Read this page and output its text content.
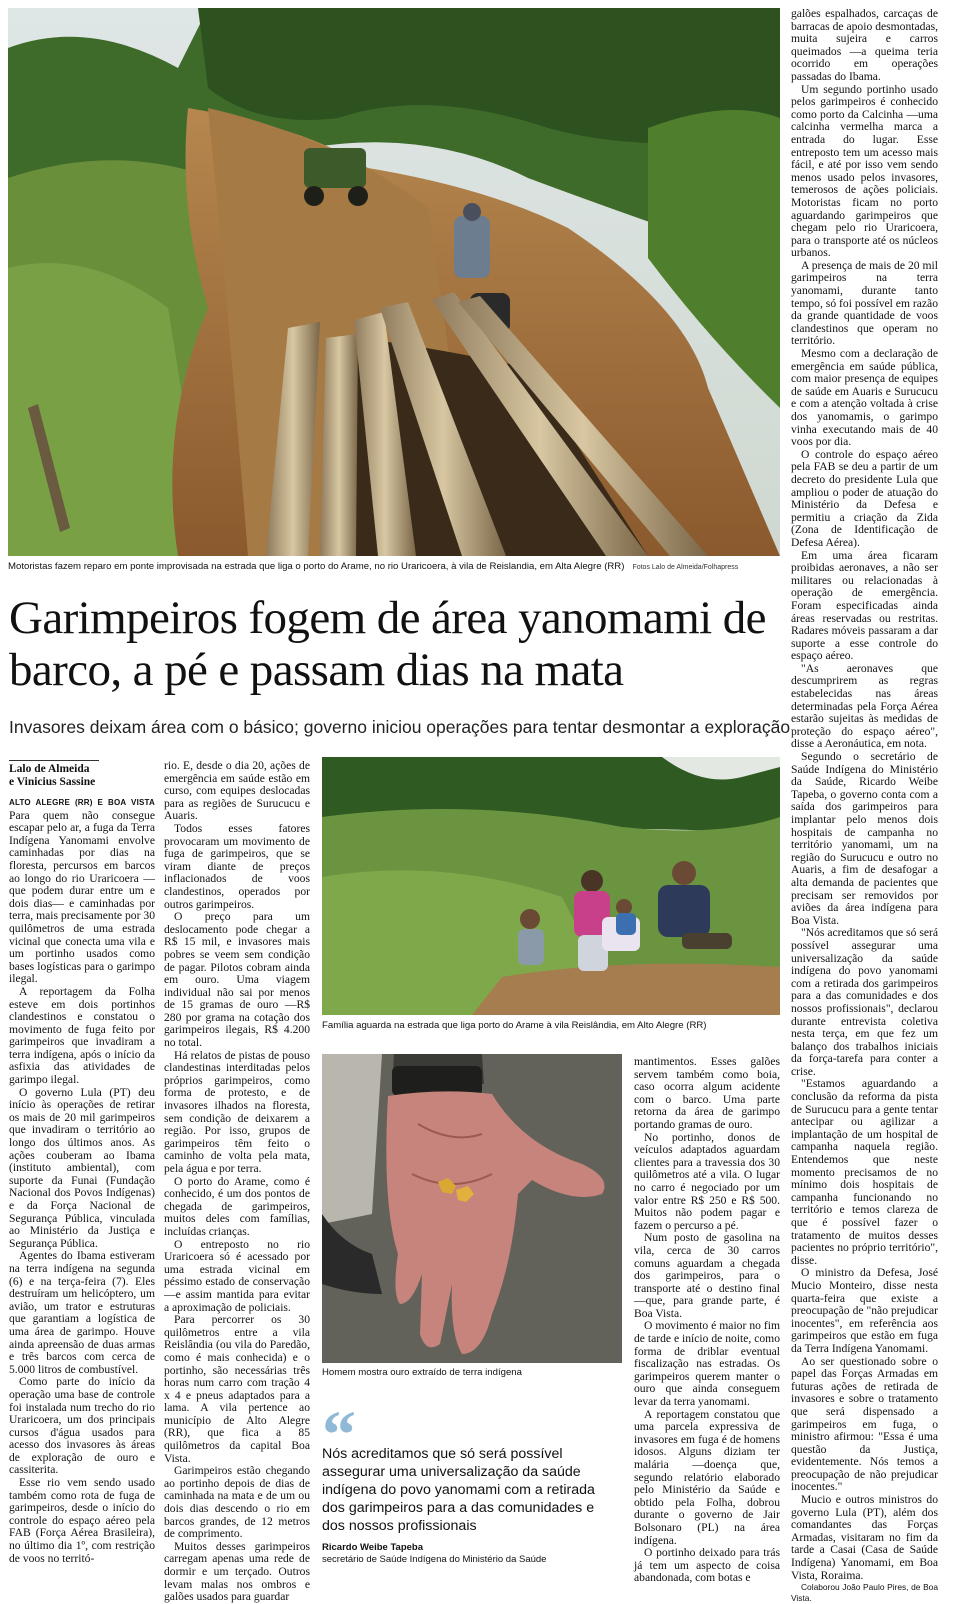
Motoristas fazem reparo em ponte improvisada na estrada que liga o porto do Arame, no rio Uraricoera, à vila de Reislandia, em Alta Alegre (RR) Fotos Lalo de Almeida/Folhapress
Garimpeiros fogem de área yanomami de barco, a pé e passam dias na mata
Invasores deixam área com o básico; governo iniciou operações para tentar desmontar a exploração
Lalo de Almeida
e Vinicius Sassine

ALTO ALEGRE (RR) E BOA VISTA Para quem não consegue escapar pelo ar, a fuga da Terra Indígena Yanomami envolve caminhadas por dias na floresta, percursos em barcos ao longo do rio Uraricoera —que podem durar entre um e dois dias— e caminhadas por terra, mais precisamente por 30 quilômetros de uma estrada vicinal que conecta uma vila e um portinho usados como bases logísticas para o garimpo ilegal.

A reportagem da Folha esteve em dois portinhos clandestinos e constatou o movimento de fuga feito por garimpeiros que invadiram a terra indígena, após o início da asfixia das atividades de garimpo ilegal.

O governo Lula (PT) deu início às operações de retirar os mais de 20 mil garimpeiros que invadiram o território ao longo dos últimos anos. As ações couberam ao Ibama (instituto ambiental), com suporte da Funai (Fundação Nacional dos Povos Indígenas) e da Força Nacional de Segurança Pública, vinculada ao Ministério da Justiça e Segurança Pública.

Agentes do Ibama estiveram na terra indígena na segunda (6) e na terça-feira (7). Eles destruíram um helicóptero, um avião, um trator e estruturas que garantiam a logística de uma área de garimpo. Houve ainda apreensão de duas armas e três barcos com cerca de 5.000 litros de combustível.

Como parte do início da operação uma base de controle foi instalada num trecho do rio Uraricoera, um dos principais cursos d'água usados para acesso dos invasores às áreas de exploração de ouro e cassiterita.

Esse rio vem sendo usado também como rota de fuga de garimpeiros, desde o início do controle do espaço aéreo pela FAB (Força Aérea Brasileira), no último dia 1º, com restrição de voos no territó-

rio. E, desde o dia 20, ações de emergência em saúde estão em curso, com equipes deslocadas para as regiões de Surucucu e Auaris.

Todos esses fatores provocaram um movimento de fuga de garimpeiros, que se viram diante de preços inflacionados de voos clandestinos, operados por outros garimpeiros.

O preço para um deslocamento pode chegar a R$ 15 mil, e invasores mais pobres se veem sem condição de pagar. Pilotos cobram ainda em ouro. Uma viagem individual não sai por menos de 15 gramas de ouro —R$ 280 por grama na cotação dos garimpeiros ilegais, R$ 4.200 no total.

Há relatos de pistas de pouso clandestinas interditadas pelos próprios garimpeiros, como forma de protesto, e de invasores ilhados na floresta, sem condição de deixarem a região. Por isso, grupos de garimpeiros têm feito o caminho de volta pela mata, pela água e por terra.

O porto do Arame, como é conhecido, é um dos pontos de chegada de garimpeiros, muitos deles com famílias, incluídas crianças.

O entreposto no rio Uraricoera só é acessado por uma estrada vicinal em péssimo estado de conservação —e assim mantida para evitar a aproximação de policiais.

Para percorrer os 30 quilômetros entre a vila Reislândia (ou vila do Paredão, como é mais conhecida) e o portinho, são necessárias três horas num carro com tração 4 x 4 e pneus adaptados para a lama. A vila pertence ao município de Alto Alegre (RR), que fica a 85 quilômetros da capital Boa Vista.

Garimpeiros estão chegando ao portinho depois de dias de caminhada na mata e de um ou dois dias descendo o rio em barcos grandes, de 12 metros de comprimento.

Muitos desses garimpeiros carregam apenas uma rede de dormir e um terçado. Outros levam malas nos ombros e galões usados para guardar

Família aguarda na estrada que liga porto do Arame à vila Reislândia, em Alto Alegre (RR)
Homem mostra ouro extraído de terra indígena
“
Nós acreditamos que só será possível assegurar uma universalização da saúde indígena do povo yanomami com a retirada dos garimpeiros para a das comunidades e dos nossos profissionais
Ricardo Weibe Tapeba
secretário de Saúde Indígena do Ministério da Saúde

mantimentos. Esses galões servem também como boia, caso ocorra algum acidente com o barco. Uma parte retorna da área de garimpo portando gramas de ouro.

No portinho, donos de veículos adaptados aguardam clientes para a travessia dos 30 quilômetros até a vila. O lugar no carro é negociado por um valor entre R$ 250 e R$ 500. Muitos não podem pagar e fazem o percurso a pé.

Num posto de gasolina na vila, cerca de 30 carros comuns aguardam a chegada dos garimpeiros, para o transporte até o destino final —que, para grande parte, é Boa Vista.

O movimento é maior no fim de tarde e início de noite, como forma de driblar eventual fiscalização nas estradas. Os garimpeiros querem manter o ouro que ainda conseguem levar da terra yanomami.

A reportagem constatou que uma parcela expressiva de invasores em fuga é de homens idosos. Alguns diziam ter malária —doença que, segundo relatório elaborado pelo Ministério da Saúde e obtido pela Folha, dobrou durante o governo de Jair Bolsonaro (PL) na área indígena.

O portinho deixado para trás já tem um aspecto de coisa abandonada, com botas e

galões espalhados, carcaças de barracas de apoio desmontadas, muita sujeira e carros queimados —a queima teria ocorrido em operações passadas do Ibama.

Um segundo portinho usado pelos garimpeiros é conhecido como porto da Calcinha —uma calcinha vermelha marca a entrada do lugar. Esse entreposto tem um acesso mais fácil, e até por isso vem sendo menos usado pelos invasores, temerosos de ações policiais. Motoristas ficam no porto aguardando garimpeiros que chegam pelo rio Uraricoera, para o transporte até os núcleos urbanos.

A presença de mais de 20 mil garimpeiros na terra yanomami, durante tanto tempo, só foi possível em razão da grande quantidade de voos clandestinos que operam no território.

Mesmo com a declaração de emergência em saúde pública, com maior presença de equipes de saúde em Auaris e Surucucu e com a atenção voltada à crise dos yanomamis, o garimpo vinha executando mais de 40 voos por dia.

O controle do espaço aéreo pela FAB se deu a partir de um decreto do presidente Lula que ampliou o poder de atuação do Ministério da Defesa e permitiu a criação da Zida (Zona de Identificação de Defesa Aérea).

Em uma área ficaram proibidas aeronaves, a não ser militares ou relacionadas à operação de emergência. Foram especificadas ainda áreas reservadas ou restritas. Radares móveis passaram a dar suporte a esse controle do espaço aéreo.

"As aeronaves que descumprirem as regras estabelecidas nas áreas determinadas pela Força Aérea estarão sujeitas às medidas de proteção do espaço aéreo", disse a Aeronáutica, em nota.

Segundo o secretário de Saúde Indígena do Ministério da Saúde, Ricardo Weibe Tapeba, o governo conta com a saída dos garimpeiros para implantar pelo menos dois hospitais de campanha no território yanomami, um na região do Surucucu e outro no Auaris, a fim de desafogar a alta demanda de pacientes que precisam ser removidos por aviões da área indígena para Boa Vista.

"Nós acreditamos que só será possível assegurar uma universalização da saúde indígena do povo yanomami com a retirada dos garimpeiros para a das comunidades e dos nossos profissionais", declarou durante entrevista coletiva nesta terça, em que fez um balanço dos trabalhos iniciais da força-tarefa para conter a crise.

"Estamos aguardando a conclusão da reforma da pista de Surucucu para a gente tentar antecipar ou agilizar a implantação de um hospital de campanha naquela região. Entendemos que neste momento precisamos de no mínimo dois hospitais de campanha funcionando no território e temos clareza de que é possível fazer o tratamento de muitos desses pacientes no próprio território", disse.

O ministro da Defesa, José Mucio Monteiro, disse nesta quarta-feira que existe a preocupação de "não prejudicar inocentes", em referência aos garimpeiros que estão em fuga da Terra Indígena Yanomami.

Ao ser questionado sobre o papel das Forças Armadas em futuras ações de retirada de invasores e sobre o tratamento que será dispensado a garimpeiros em fuga, o ministro afirmou: "Essa é uma questão da Justiça, evidentemente. Nós temos a preocupação de não prejudicar inocentes."

Mucio e outros ministros do governo Lula (PT), além dos comandantes das Forças Armadas, visitaram no fim da tarde a Casai (Casa de Saúde Indígena) Yanomami, em Boa Vista, Roraima.

Colaborou João Paulo Pires, de Boa Vista.
